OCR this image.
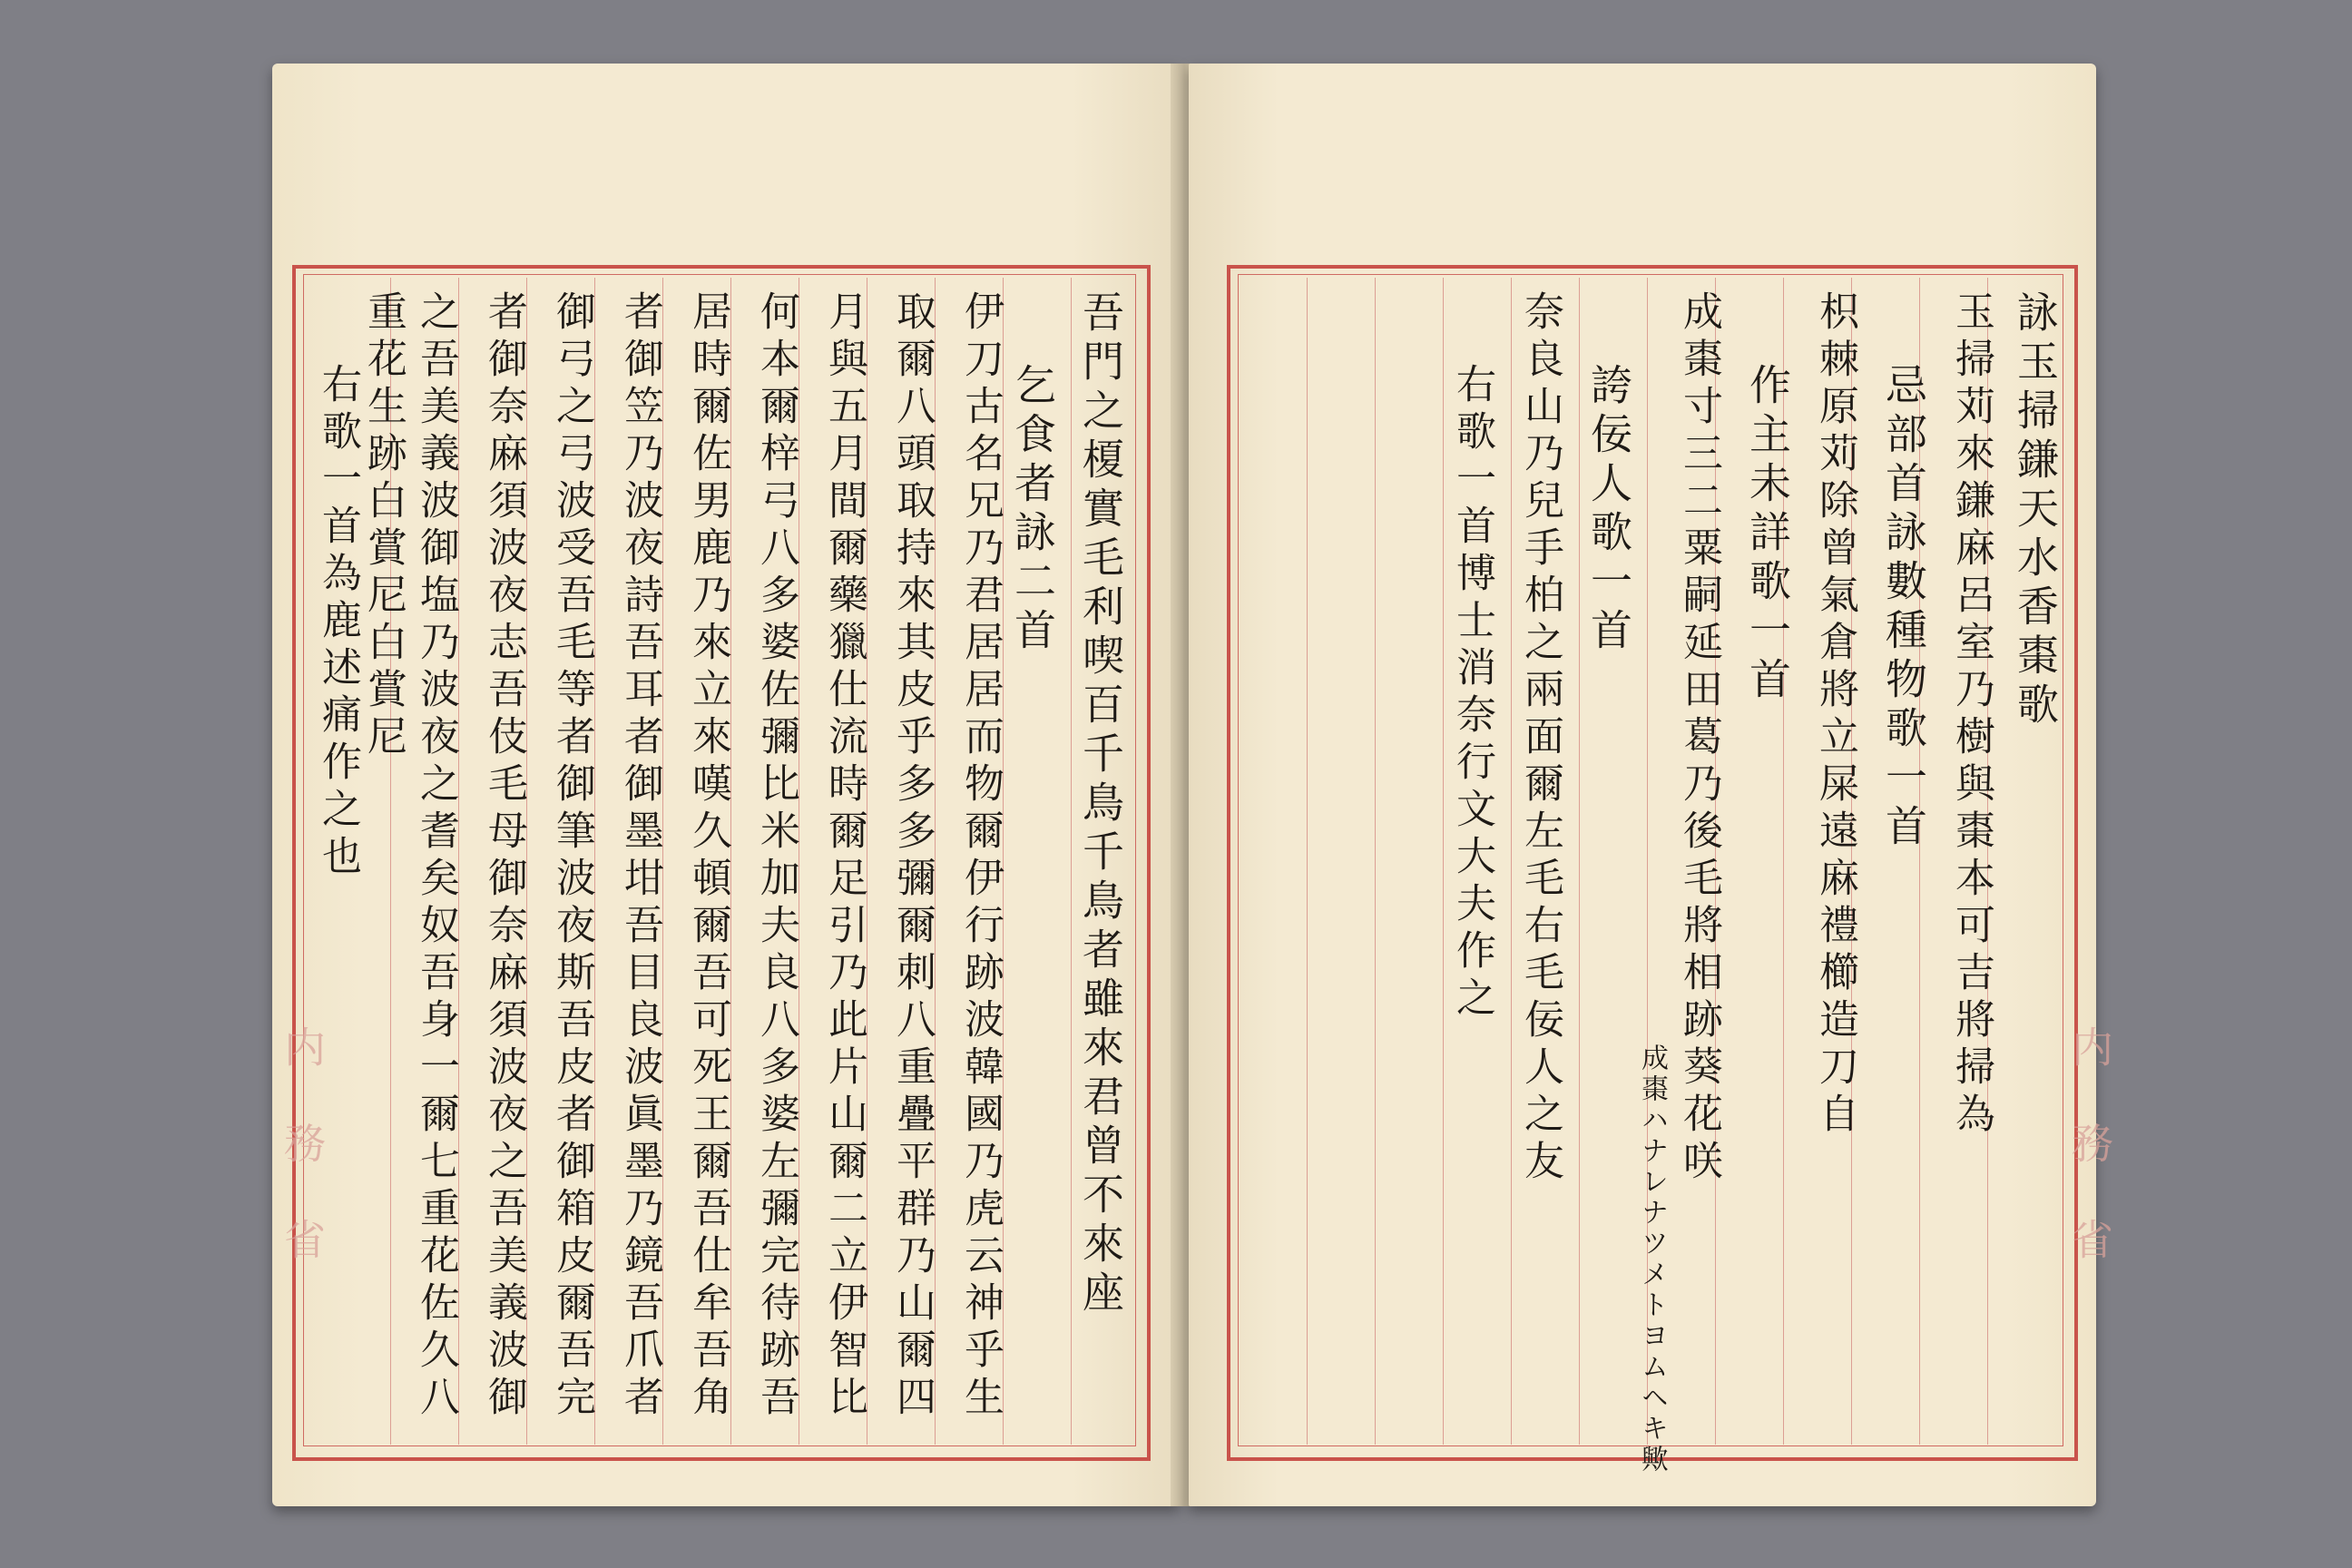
吾門之榎實毛利喫百千鳥千鳥者雖來君曾不來座
乞食者詠二首
伊刀古名兄乃君居居而物爾伊行跡波韓國乃虎云神乎生
取爾八頭取持來其皮乎多多彌爾刺八重疊平群乃山爾四
月與五月間爾藥獵仕流時爾足引乃此片山爾二立伊智比
何本爾梓弓八多婆佐彌比米加夫良八多婆左彌完待跡吾
居時爾佐男鹿乃來立來嘆久頓爾吾可死王爾吾仕牟吾角
者御笠乃波夜詩吾耳者御墨坩吾目良波眞墨乃鏡吾爪者
御弓之弓波受吾毛等者御筆波夜斯吾皮者御箱皮爾吾完
者御奈麻須波夜志吾伎毛母御奈麻須波夜之吾美義波御
之吾美義波御塩乃波夜之耆矣奴吾身一爾七重花佐久八
重花生跡白賞尼白賞尼
右歌一首為鹿述痛作之也
内務省
詠玉掃鎌天水香棗歌
玉掃苅來鎌麻呂室乃樹與棗本可吉將掃為
忌部首詠數種物歌一首
枳棘原苅除曾氣倉將立屎遠麻禮櫛造刀自
作主未詳歌一首
成棗寸三二粟嗣延田葛乃後毛將相跡葵花咲
成棗ハナレナツメトヨムヘキ歟
誇佞人歌一首
奈良山乃兒手柏之兩面爾左毛右毛佞人之友
右歌一首博士消奈行文大夫作之
内務省
